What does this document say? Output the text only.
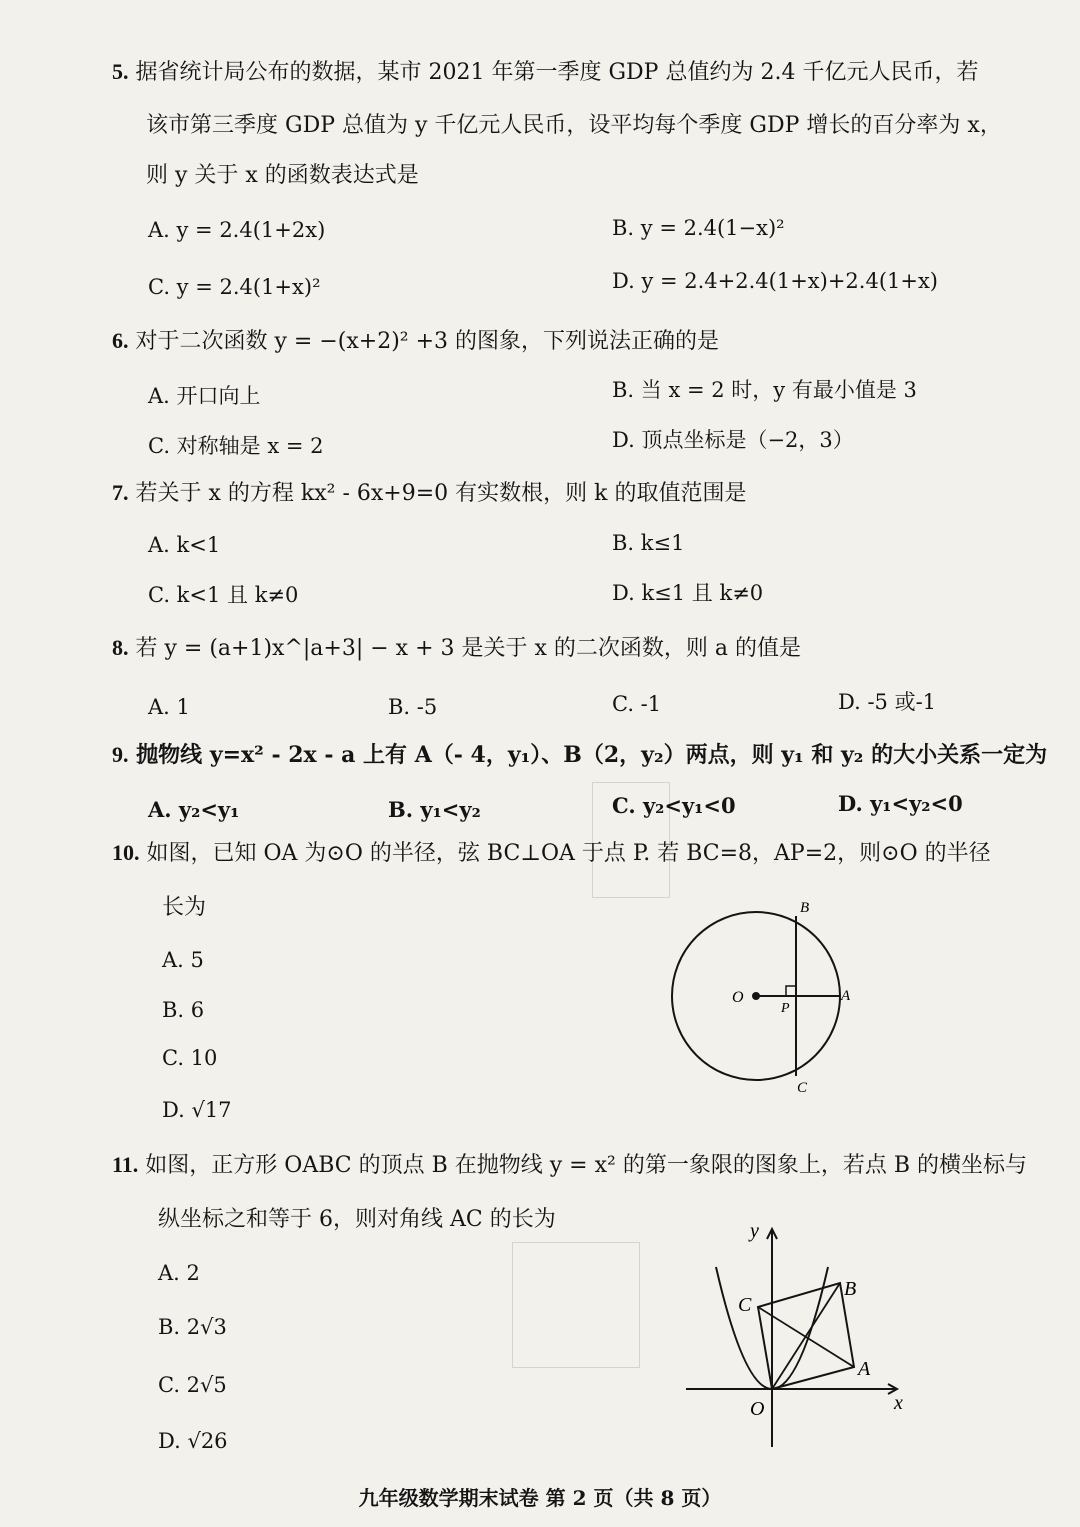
5. 据省统计局公布的数据，某市 2021 年第一季度 GDP 总值约为 2.4 千亿元人民币，若
该市第三季度 GDP 总值为 y 千亿元人民币，设平均每个季度 GDP 增长的百分率为 x，
则 y 关于 x 的函数表达式是
A. y = 2.4(1+2x)	B. y = 2.4(1−x)²
C. y = 2.4(1+x)²	D. y = 2.4+2.4(1+x)+2.4(1+x)
6. 对于二次函数 y = −(x+2)² +3 的图象，下列说法正确的是
A. 开口向上	B. 当 x = 2 时，y 有最小值是 3
C. 对称轴是 x = 2	D. 顶点坐标是（−2，3）
7. 若关于 x 的方程 kx² - 6x+9=0 有实数根，则 k 的取值范围是
A. k<1	B. k≤1
C. k<1 且 k≠0	D. k≤1 且 k≠0
8. 若 y = (a+1)x^|a+3| − x + 3 是关于 x 的二次函数，则 a 的值是
A. 1	B. -5	C. -1	D. -5 或-1
9. 抛物线 y=x² - 2x - a 上有 A（- 4，y₁）、B（2，y₂）两点，则 y₁ 和 y₂ 的大小关系一定为
A. y₂<y₁	B. y₁<y₂	C. y₂<y₁<0	D. y₁<y₂<0
10. 如图，已知 OA 为⊙O 的半径，弦 BC⊥OA 于点 P. 若 BC=8，AP=2，则⊙O 的半径
长为
A. 5
B. 6
C. 10
D. √17
B
O
P
A
C
11. 如图，正方形 OABC 的顶点 B 在抛物线 y = x² 的第一象限的图象上，若点 B 的横坐标与
纵坐标之和等于 6，则对角线 AC 的长为
A. 2
B. 2√3
C. 2√5
D. √26
y
x
O
A
B
C
九年级数学期末试卷 第 2 页（共 8 页）
